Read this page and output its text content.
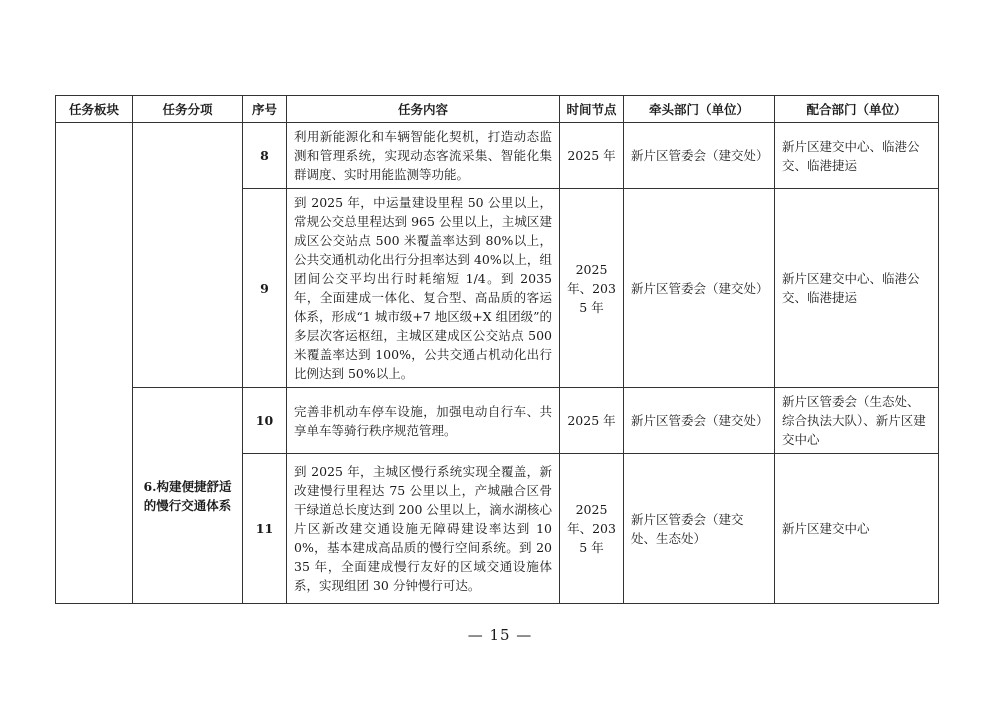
任务板块	任务分项	序号	任务内容	时间节点	牵头部门（单位）	配合部门（单位）
		8	利用新能源化和车辆智能化契机，打造动态监测和管理系统，实现动态客流采集、智能化集群调度、实时用能监测等功能。	2025 年	新片区管委会（建交处）	新片区建交中心、临港公交、临港捷运
		9	到 2025 年，中运量建设里程 50 公里以上，常规公交总里程达到 965 公里以上，主城区建成区公交站点 500 米覆盖率达到 80%以上，公共交通机动化出行分担率达到 40%以上，组团间公交平均出行时耗缩短 1/4。到 2035 年，全面建成一体化、复合型、高品质的客运体系，形成“1 城市级+7 地区级+X 组团级”的多层次客运枢纽，主城区建成区公交站点 500 米覆盖率达到 100%，公共交通占机动化出行比例达到 50%以上。	2025 年、2035 年	新片区管委会（建交处）	新片区建交中心、临港公交、临港捷运
	6.构建便捷舒适的慢行交通体系	10	完善非机动车停车设施，加强电动自行车、共享单车等骑行秩序规范管理。	2025 年	新片区管委会（建交处）	新片区管委会（生态处、综合执法大队）、新片区建交中心
		11	到 2025 年，主城区慢行系统实现全覆盖，新改建慢行里程达 75 公里以上，产城融合区骨干绿道总长度达到 200 公里以上，滴水湖核心片区新改建交通设施无障碍建设率达到 100%，基本建成高品质的慢行空间系统。到 2035 年，全面建成慢行友好的区域交通设施体系，实现组团 30 分钟慢行可达。	2025 年、2035 年	新片区管委会（建交处、生态处）	新片区建交中心
— 15 —
